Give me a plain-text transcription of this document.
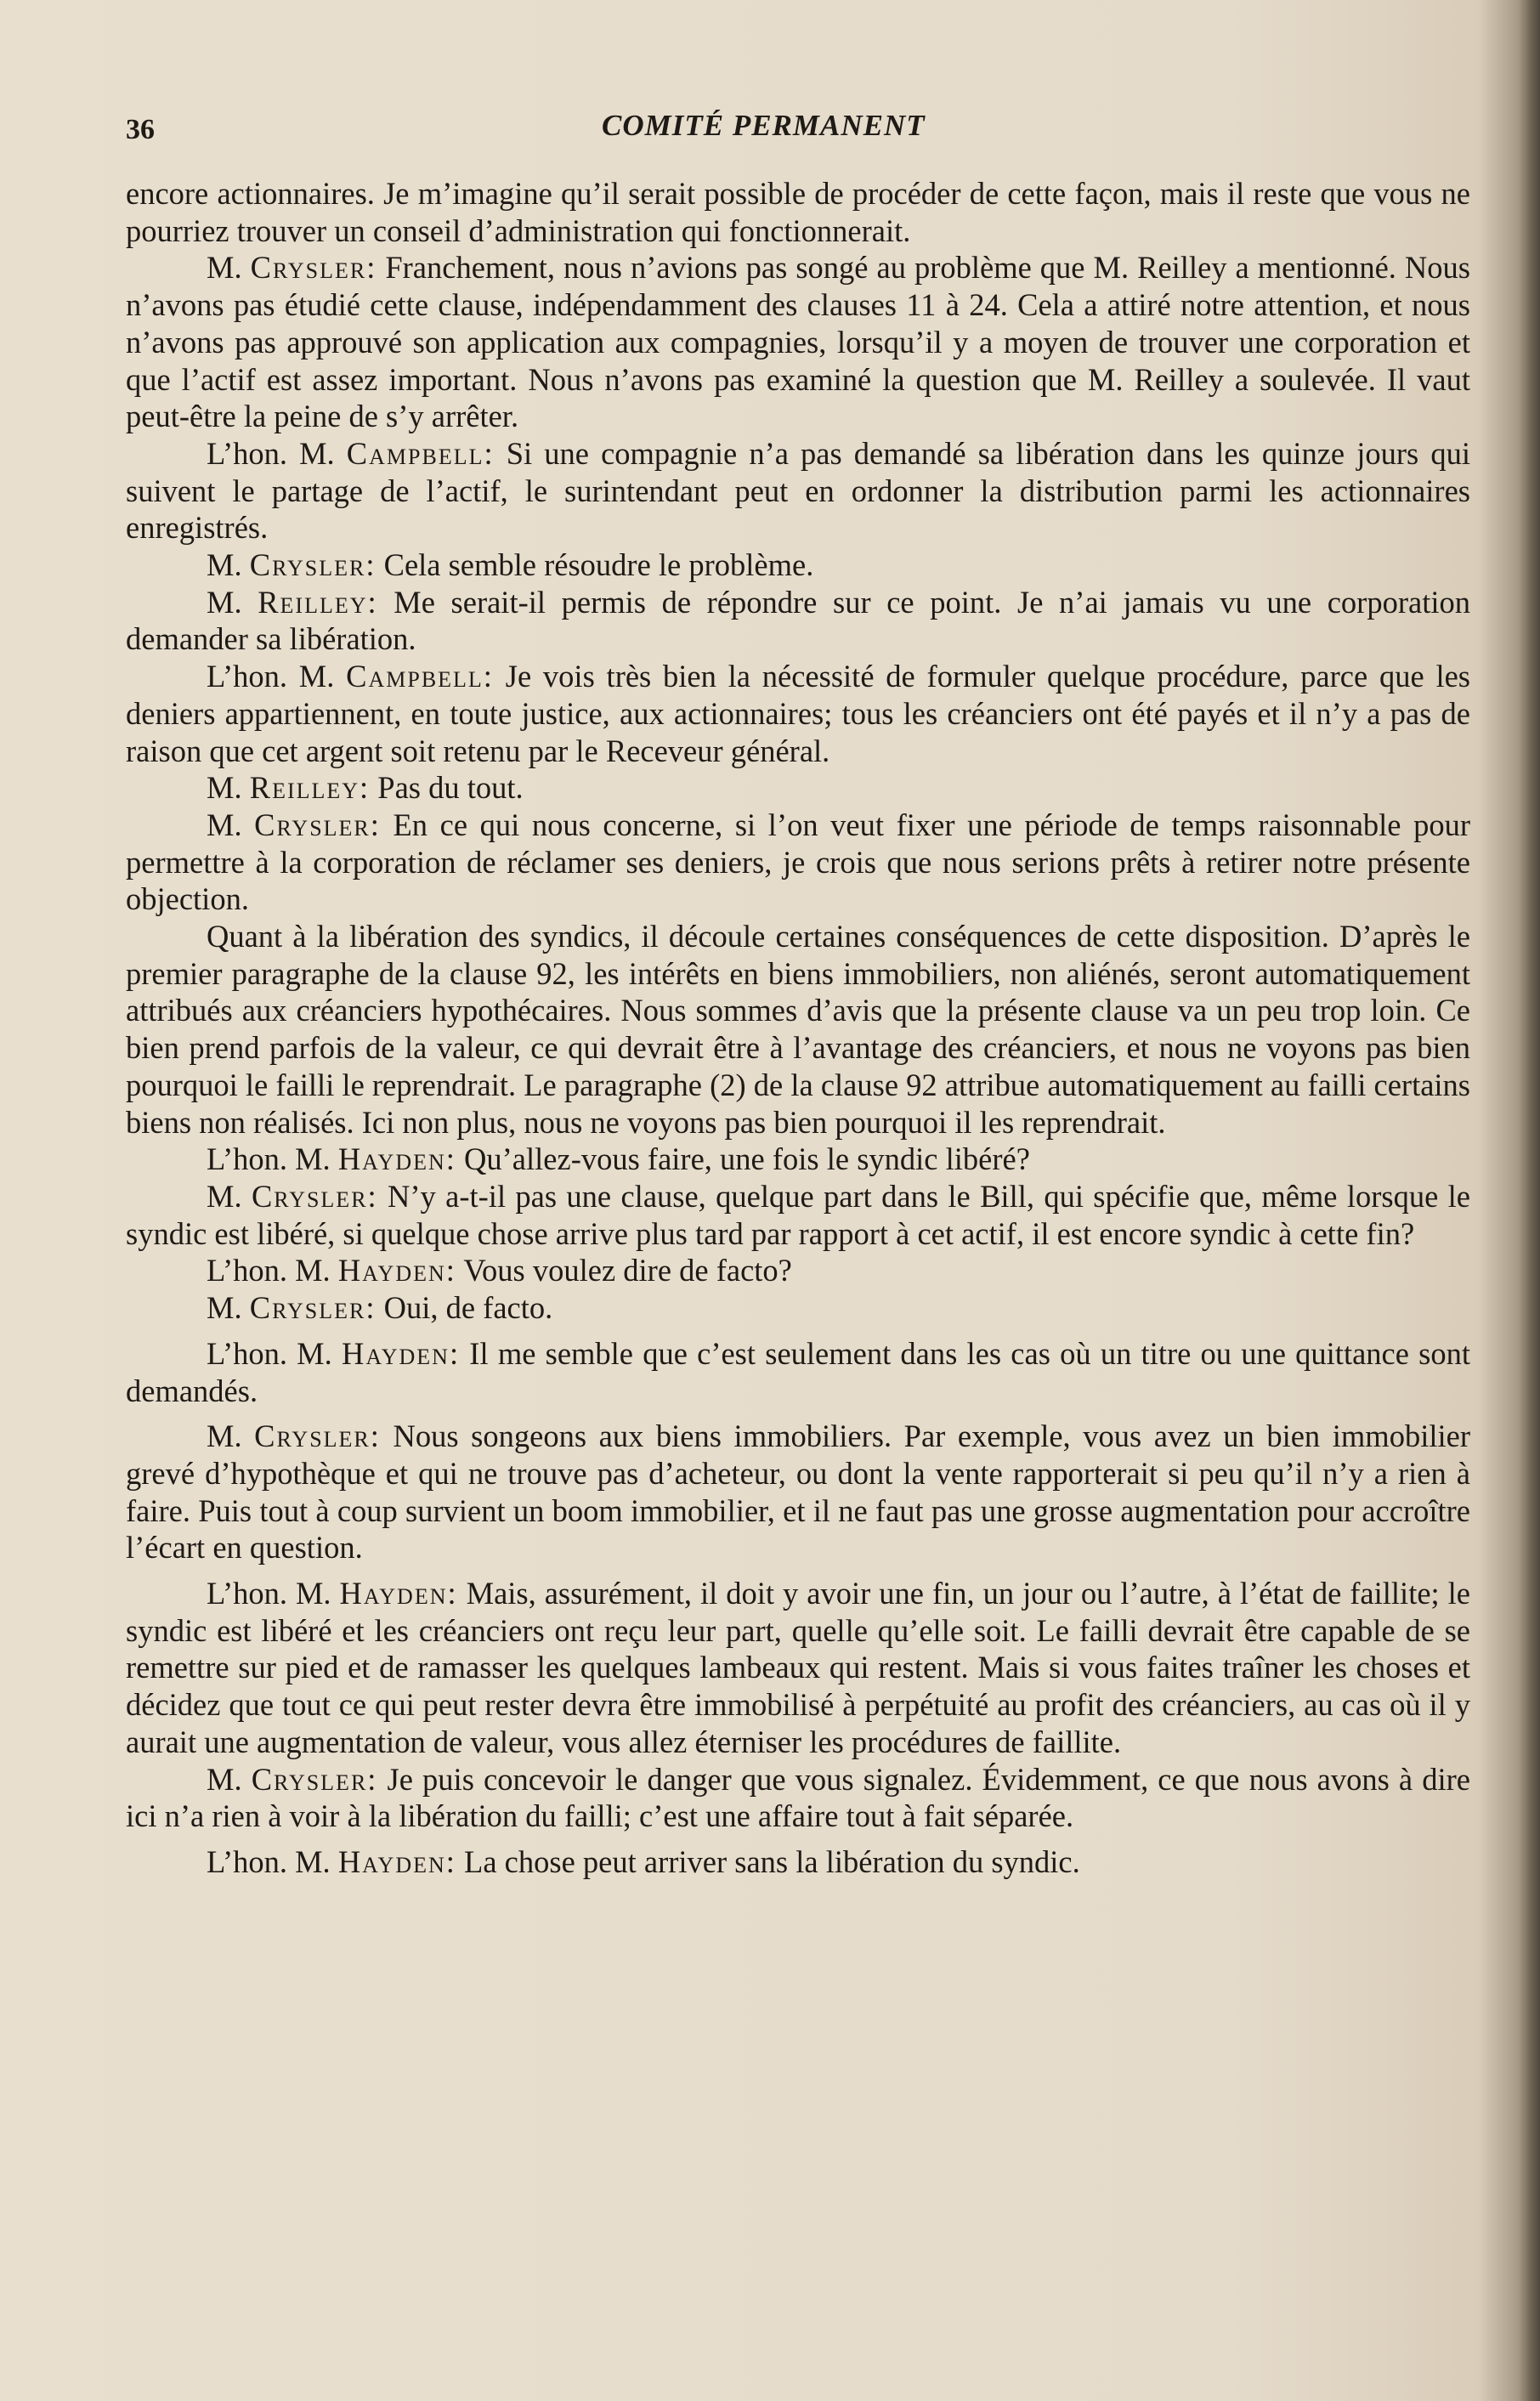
36	COMITÉ PERMANENT

encore actionnaires. Je m’imagine qu’il serait possible de procéder de cette façon, mais il reste que vous ne pourriez trouver un conseil d’administration qui fonctionnerait.

M. Crysler: Franchement, nous n’avions pas songé au problème que M. Reilley a mentionné. Nous n’avons pas étudié cette clause, indépendamment des clauses 11 à 24. Cela a attiré notre attention, et nous n’avons pas approuvé son application aux compagnies, lorsqu’il y a moyen de trouver une corporation et que l’actif est assez important. Nous n’avons pas examiné la question que M. Reilley a soulevée. Il vaut peut-être la peine de s’y arrêter.

L’hon. M. Campbell: Si une compagnie n’a pas demandé sa libération dans les quinze jours qui suivent le partage de l’actif, le surintendant peut en ordonner la distribution parmi les actionnaires enregistrés.

M. Crysler: Cela semble résoudre le problème.

M. Reilley: Me serait-il permis de répondre sur ce point. Je n’ai jamais vu une corporation demander sa libération.

L’hon. M. Campbell: Je vois très bien la nécessité de formuler quelque procédure, parce que les deniers appartiennent, en toute justice, aux actionnaires; tous les créanciers ont été payés et il n’y a pas de raison que cet argent soit retenu par le Receveur général.

M. Reilley: Pas du tout.

M. Crysler: En ce qui nous concerne, si l’on veut fixer une période de temps raisonnable pour permettre à la corporation de réclamer ses deniers, je crois que nous serions prêts à retirer notre présente objection.

Quant à la libération des syndics, il découle certaines conséquences de cette disposition. D’après le premier paragraphe de la clause 92, les intérêts en biens immobiliers, non aliénés, seront automatiquement attribués aux créanciers hypothécaires. Nous sommes d’avis que la présente clause va un peu trop loin. Ce bien prend parfois de la valeur, ce qui devrait être à l’avantage des créanciers, et nous ne voyons pas bien pourquoi le failli le reprendrait. Le paragraphe (2) de la clause 92 attribue automatiquement au failli certains biens non réalisés. Ici non plus, nous ne voyons pas bien pourquoi il les reprendrait.

L’hon. M. Hayden: Qu’allez-vous faire, une fois le syndic libéré?

M. Crysler: N’y a-t-il pas une clause, quelque part dans le Bill, qui spécifie que, même lorsque le syndic est libéré, si quelque chose arrive plus tard par rapport à cet actif, il est encore syndic à cette fin?

L’hon. M. Hayden: Vous voulez dire de facto?

M. Crysler: Oui, de facto.

L’hon. M. Hayden: Il me semble que c’est seulement dans les cas où un titre ou une quittance sont demandés.

M. Crysler: Nous songeons aux biens immobiliers. Par exemple, vous avez un bien immobilier grevé d’hypothèque et qui ne trouve pas d’acheteur, ou dont la vente rapporterait si peu qu’il n’y a rien à faire. Puis tout à coup survient un boom immobilier, et il ne faut pas une grosse augmentation pour accroître l’écart en question.

L’hon. M. Hayden: Mais, assurément, il doit y avoir une fin, un jour ou l’autre, à l’état de faillite; le syndic est libéré et les créanciers ont reçu leur part, quelle qu’elle soit. Le failli devrait être capable de se remettre sur pied et de ramasser les quelques lambeaux qui restent. Mais si vous faites traîner les choses et décidez que tout ce qui peut rester devra être immobilisé à perpétuité au profit des créanciers, au cas où il y aurait une augmentation de valeur, vous allez éterniser les procédures de faillite.

M. Crysler: Je puis concevoir le danger que vous signalez. Évidemment, ce que nous avons à dire ici n’a rien à voir à la libération du failli; c’est une affaire tout à fait séparée.

L’hon. M. Hayden: La chose peut arriver sans la libération du syndic.
